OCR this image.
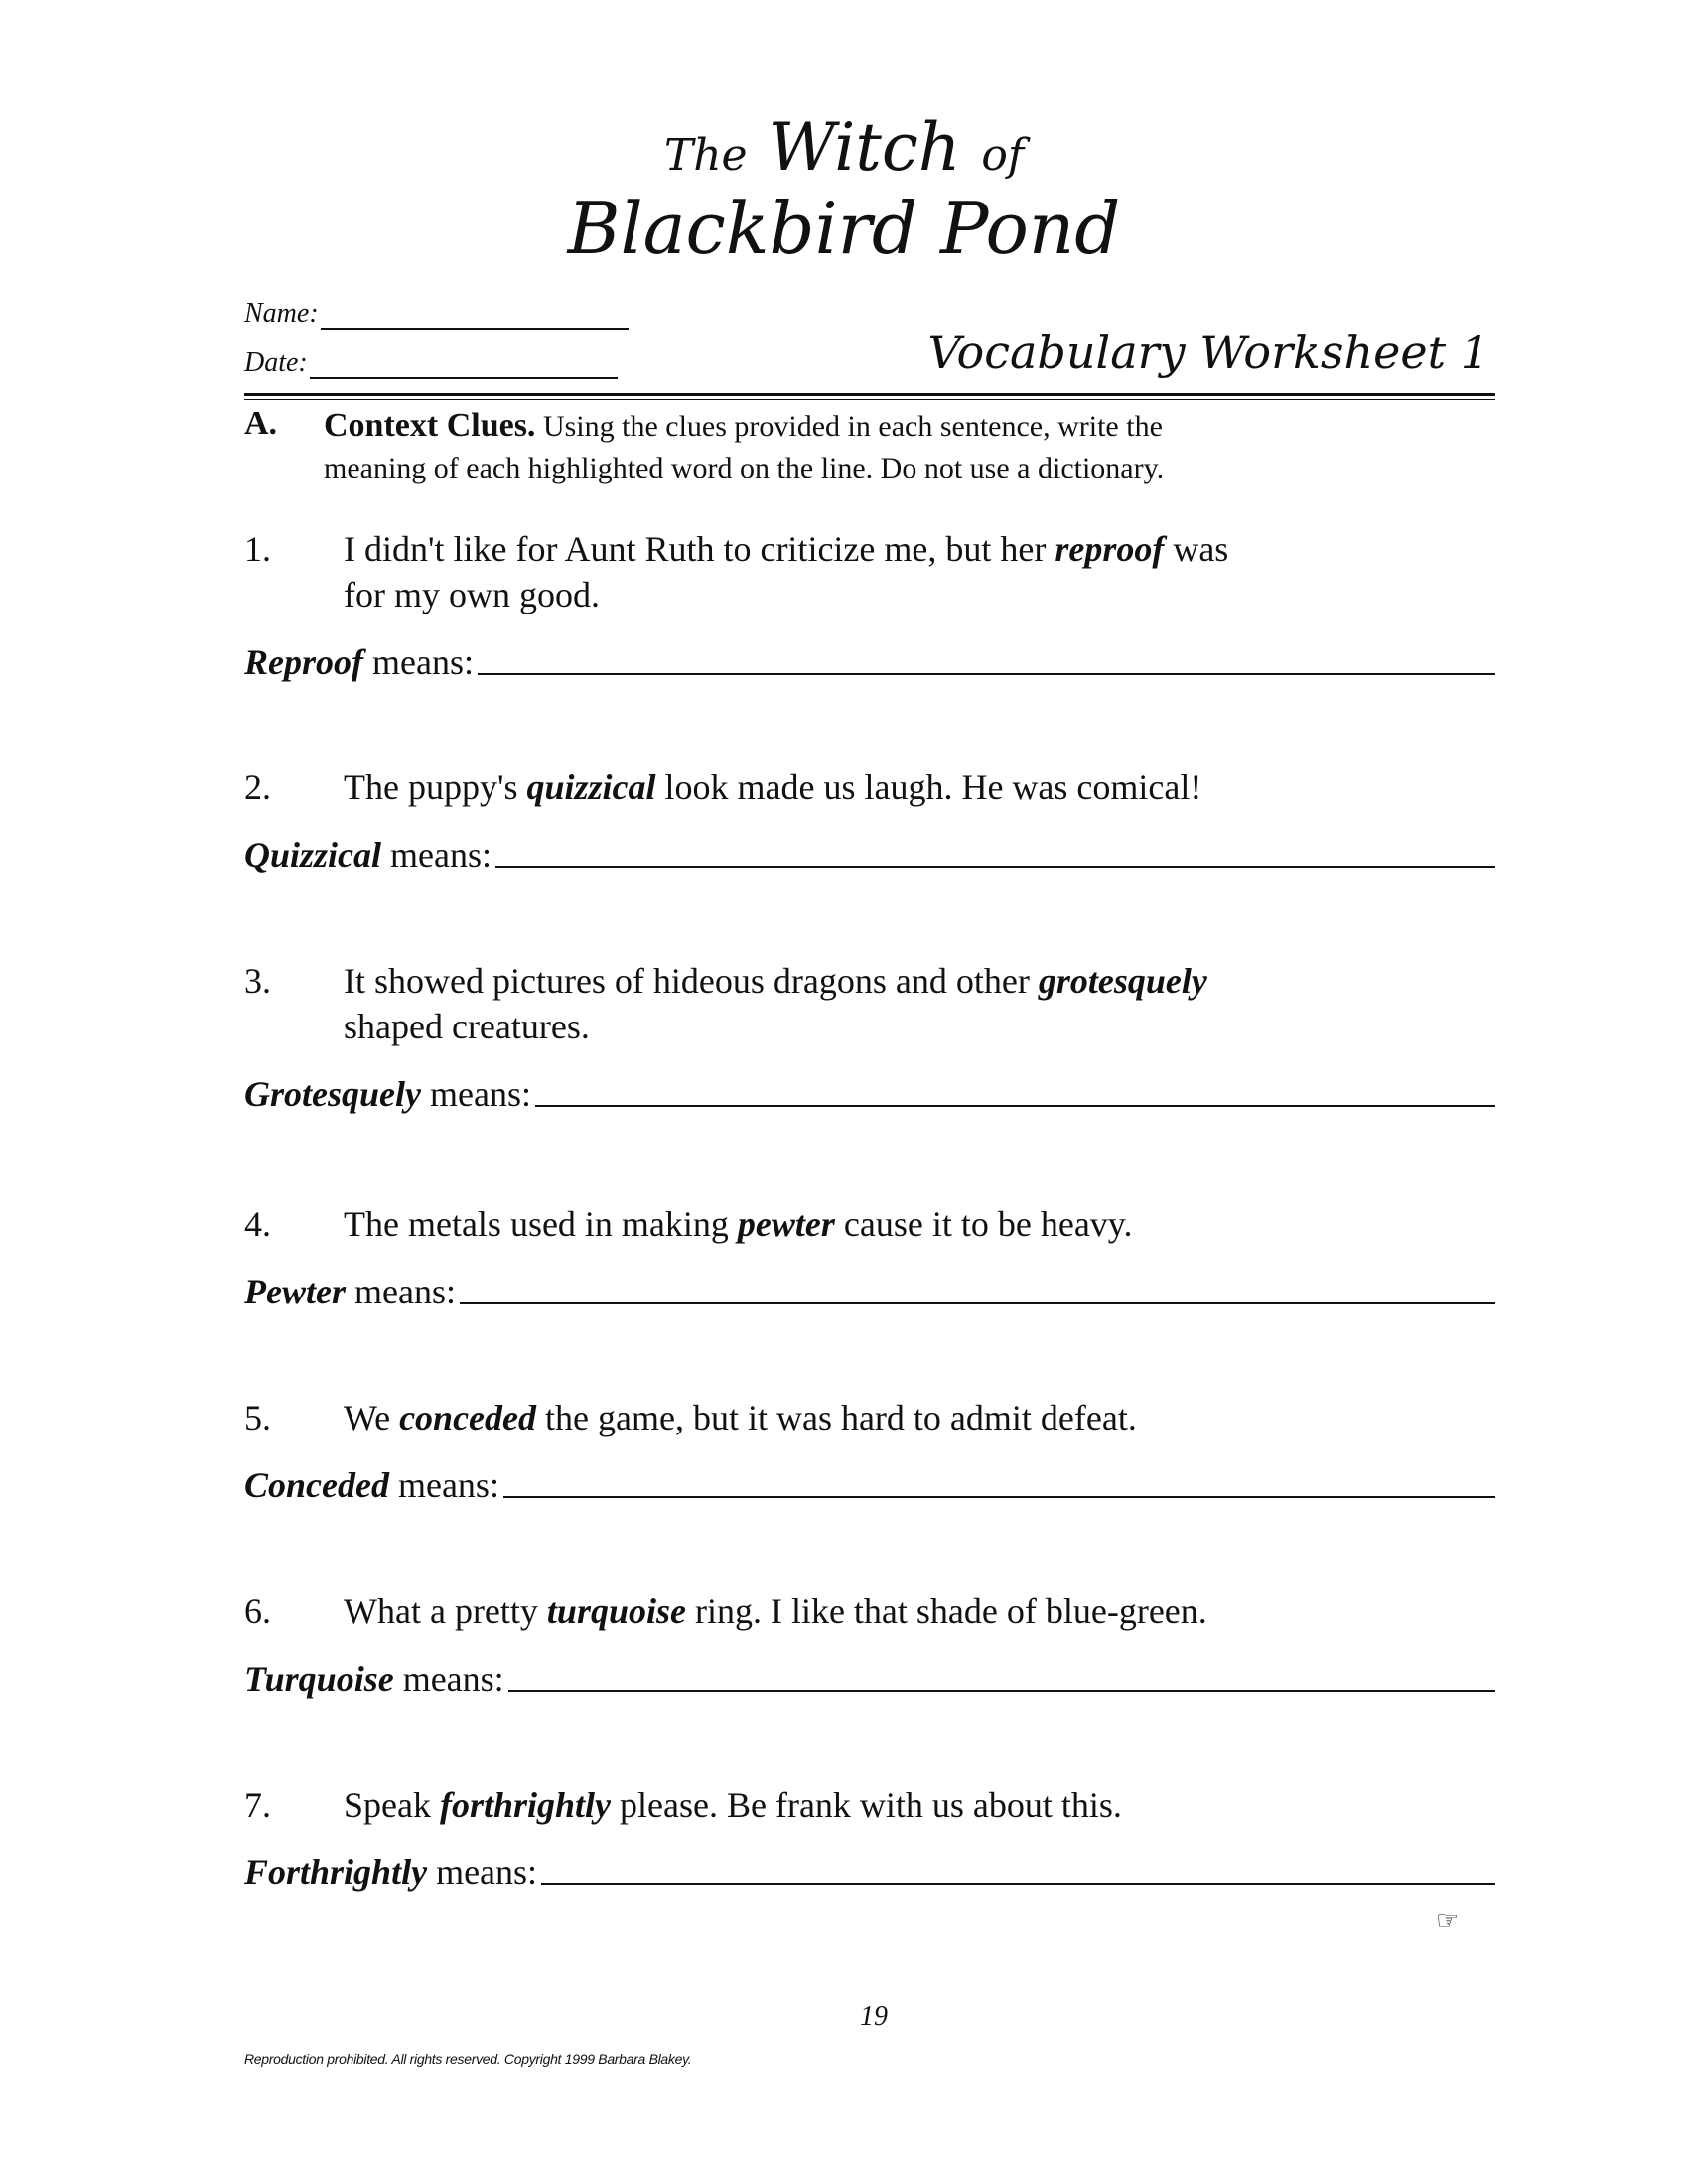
The Witch of
Blackbird Pond
Name:
Date:	Vocabulary Worksheet 1
A.	Context Clues. Using the clues provided in each sentence, write the
meaning of each highlighted word on the line. Do not use a dictionary.
1.	I didn't like for Aunt Ruth to criticize me, but her reproof was
for my own good.
Reproof means:
2.	The puppy's quizzical look made us laugh. He was comical!
Quizzical means:
3.	It showed pictures of hideous dragons and other grotesquely
shaped creatures.
Grotesquely means:
4.	The metals used in making pewter cause it to be heavy.
Pewter means:
5.	We conceded the game, but it was hard to admit defeat.
Conceded means:
6.	What a pretty turquoise ring. I like that shade of blue-green.
Turquoise means:
7.	Speak forthrightly please. Be frank with us about this.
Forthrightly means:
☞
19
Reproduction prohibited. All rights reserved. Copyright 1999 Barbara Blakey.
